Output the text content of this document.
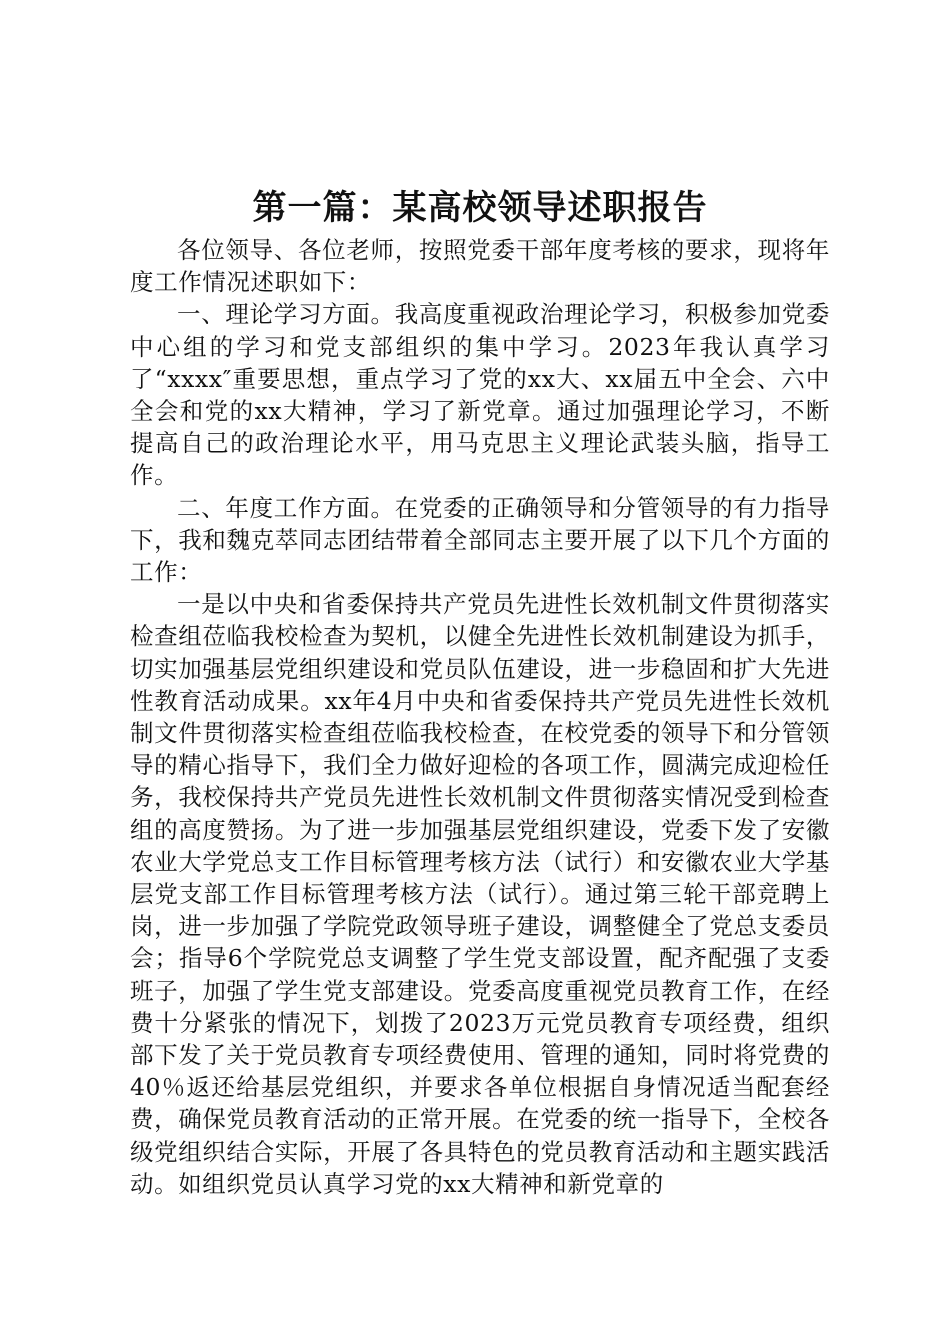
第一篇：某高校领导述职报告

各位领导、各位老师，按照党委干部年度考核的要求，现将年度工作情况述职如下：

一、理论学习方面。我高度重视政治理论学习，积极参加党委中心组的学习和党支部组织的集中学习。2023年我认真学习了“xxxx″重要思想，重点学习了党的xx大、xx届五中全会、六中全会和党的xx大精神，学习了新党章。通过加强理论学习，不断提高自己的政治理论水平，用马克思主义理论武装头脑，指导工作。

二、年度工作方面。在党委的正确领导和分管领导的有力指导下，我和魏克萃同志团结带着全部同志主要开展了以下几个方面的工作：

一是以中央和省委保持共产党员先进性长效机制文件贯彻落实检查组莅临我校检查为契机，以健全先进性长效机制建设为抓手，切实加强基层党组织建设和党员队伍建设，进一步稳固和扩大先进性教育活动成果。xx年4月中央和省委保持共产党员先进性长效机制文件贯彻落实检查组莅临我校检查，在校党委的领导下和分管领导的精心指导下，我们全力做好迎检的各项工作，圆满完成迎检任务，我校保持共产党员先进性长效机制文件贯彻落实情况受到检查组的高度赞扬。为了进一步加强基层党组织建设，党委下发了安徽农业大学党总支工作目标管理考核方法（试行）和安徽农业大学基层党支部工作目标管理考核方法（试行）。通过第三轮干部竞聘上岗，进一步加强了学院党政领导班子建设，调整健全了党总支委员会；指导6个学院党总支调整了学生党支部设置，配齐配强了支委班子，加强了学生党支部建设。党委高度重视党员教育工作，在经费十分紧张的情况下，划拨了2023万元党员教育专项经费，组织部下发了关于党员教育专项经费使用、管理的通知，同时将党费的40％返还给基层党组织，并要求各单位根据自身情况适当配套经费，确保党员教育活动的正常开展。在党委的统一指导下，全校各级党组织结合实际，开展了各具特色的党员教育活动和主题实践活动。如组织党员认真学习党的xx大精神和新党章的
